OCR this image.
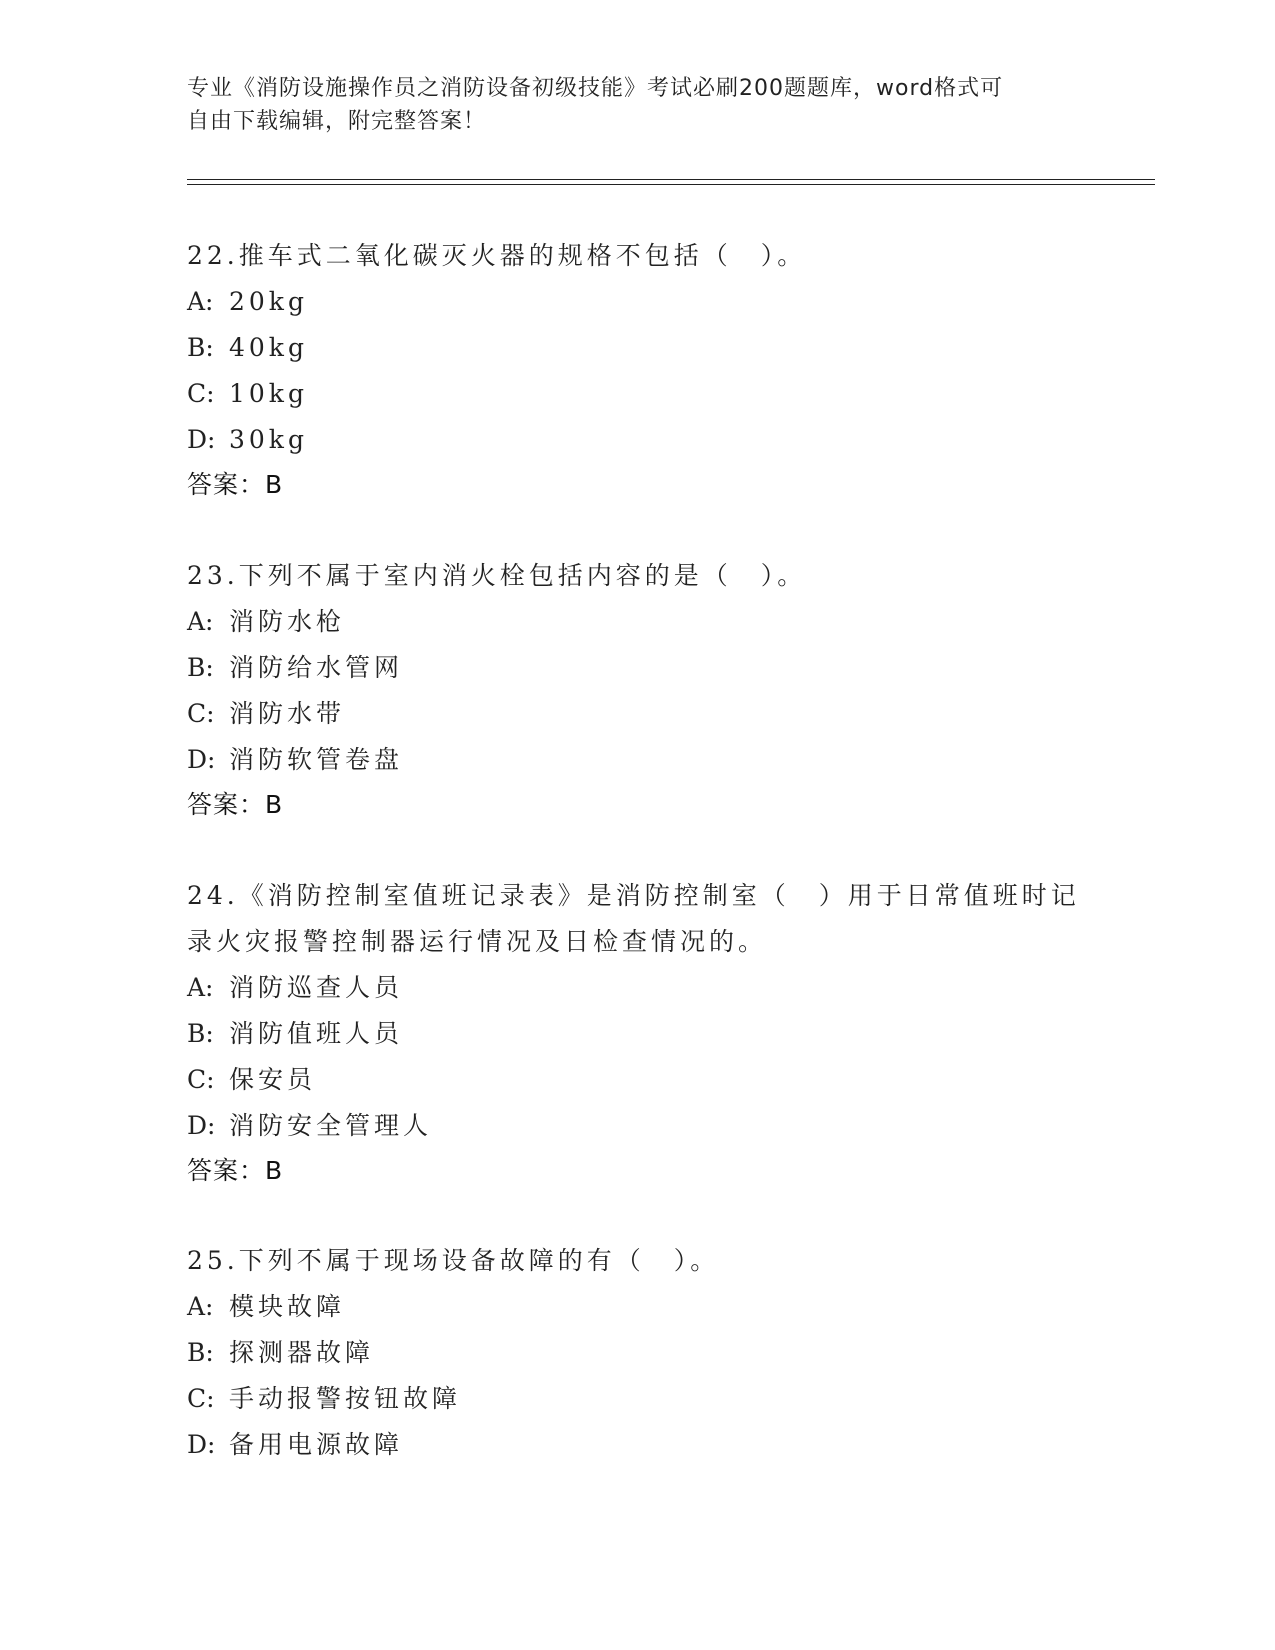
专业《消防设施操作员之消防设备初级技能》考试必刷200题题库，word格式可
自由下载编辑，附完整答案！

22.推车式二氧化碳灭火器的规格不包括（　）。

A: 20kg

B: 40kg

C: 10kg

D: 30kg

答案：B

23.下列不属于室内消火栓包括内容的是（　）。

A: 消防水枪

B: 消防给水管网

C: 消防水带

D: 消防软管卷盘

答案：B

24.《消防控制室值班记录表》是消防控制室（　）用于日常值班时记

录火灾报警控制器运行情况及日检查情况的。

A: 消防巡查人员

B: 消防值班人员

C: 保安员

D: 消防安全管理人

答案：B

25.下列不属于现场设备故障的有（　）。

A: 模块故障

B: 探测器故障

C: 手动报警按钮故障

D: 备用电源故障
